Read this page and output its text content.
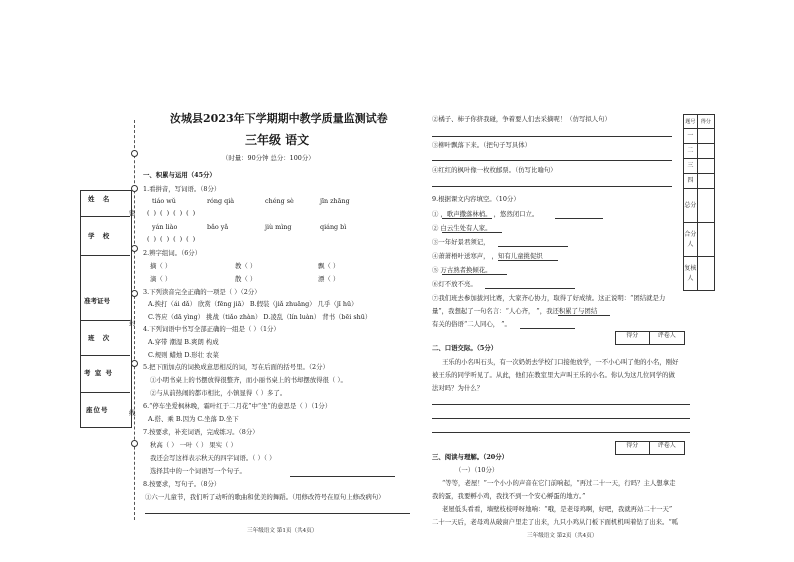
姓 名
学 校
准考证号
班 次
考 室 号
座位号
密
封
线
汝城县2023年下学期期中教学质量监测试卷
三年级 语文
（时量：90分钟 总分：100分）
一、积累与运用（45分）
1.看拼音，写词语。（8分）
tiáo wǔ	róng qià	chéng sè	jīn zhāng
( ) ( ) ( ) ( )
yán liào	bǎo yǎ	jiù mìng	qiáng bì
( ) ( ) ( ) ( )
2.辨字组词。（6分）
摘（ ）	教（ ）	飘（ ）
滴（ ）	散（ ）	漂（ ）
3.下列读音完全正确的一项是（ ）（2分）
A.挨打（ái dǎ） 欣赏（fēng jiā） B.假装（jiǎ zhuāng） 几乎（jī hū）
C.答应（dā yìng） 挑战（tiǎo zhàn） D.凌乱（lín luàn） 背书（bēi shū）
4.下列词语中书写全部正确的一组是（ ）（1分）
A.穿带 潮湿 B.爽朗 构成
C.规则 蜡烛 D.形壮 农菜
5.把下面加点的词换成意思相反的词，写在后面的括号里。（2分）
①小明书桌上的书摆放得很整齐，而小丽书桌上的书却摆放得很（ ）。
②与从前热闹的都市相比，小镇显得（ ）多了。
6.“停车坐爱枫林晚，霜叶红于二月花”中“坐”的意思是（ ）（1分）
A.搭、乘 B.因为 C.坐落 D.坐下
7.按要求，补充词语，完成练习。（8分）
秋高（ ） 一叶（ ） 果实（ ）
我还会写这样表示秋天的四字词语。（ ）（ ）
选择其中的一个词语写一个句子。
8.按要求，写句子。（8分）
①六一儿童节，我们听了动听的歌曲和优美的舞蹈。（用修改符号在原句上修改病句）
三年级语文 第1页（共4页）
②橘子、柿子你挤我碰，争着要人们去采摘呢！（仿写拟人句）
③柳叶飘落下来。（把句子写具体）
④红红的枫叶像一枚枚邮票。（仿写比喻句）
9.根据课文内容填空。（10分）
① ，歌声撒落林梢。 ，悠然闭口立。
② 白云生处有人家。
③一年好景君须记，
④萧萧梧叶送寒声， ，知有儿童挑促织
⑤ 万古熟者换倾花。
⑥灯不放不亮。
⑦我们班去参加拔河比赛，大家齐心协力，取得了好成绩。这正说明：“团结就是力
量”，我想起了一句名言：“人心齐， ”，我还积累了与团结
有关的俗语“二人同心， ”。
得分	评卷人
二、口语交际。（5分）
王乐的小名叫石头，有一次奶奶去学校门口接他放学，一不小心叫了他的小名，刚好
被王乐的同学听见了。从此，他们在教室里大声叫王乐的小名。你认为这几位同学的做
法对吗？为什么？
得分	评卷人
三、阅读与理解。（20分）
（一）（10分）
“等等，老屋！”一个小小的声音在它门前响起，“再过二十一天，行吗？主人想拿走
我的蛋，我要孵小鸡，我找不到一个安心孵蛋的地方。”
老屋低头看看，墙壁枝枝呼呀地响：“哦，是老母鸡啊，好吧，我就再站二十一天”
二十一天后，老母鸡从破窗户里走了出来，九只小鸡从门板下面机机叫着钻了出来。“呱
三年级语文 第2页（共4页）
题号	得分
一	
二	
三	
四	
总分	
合分人	
复核人	
